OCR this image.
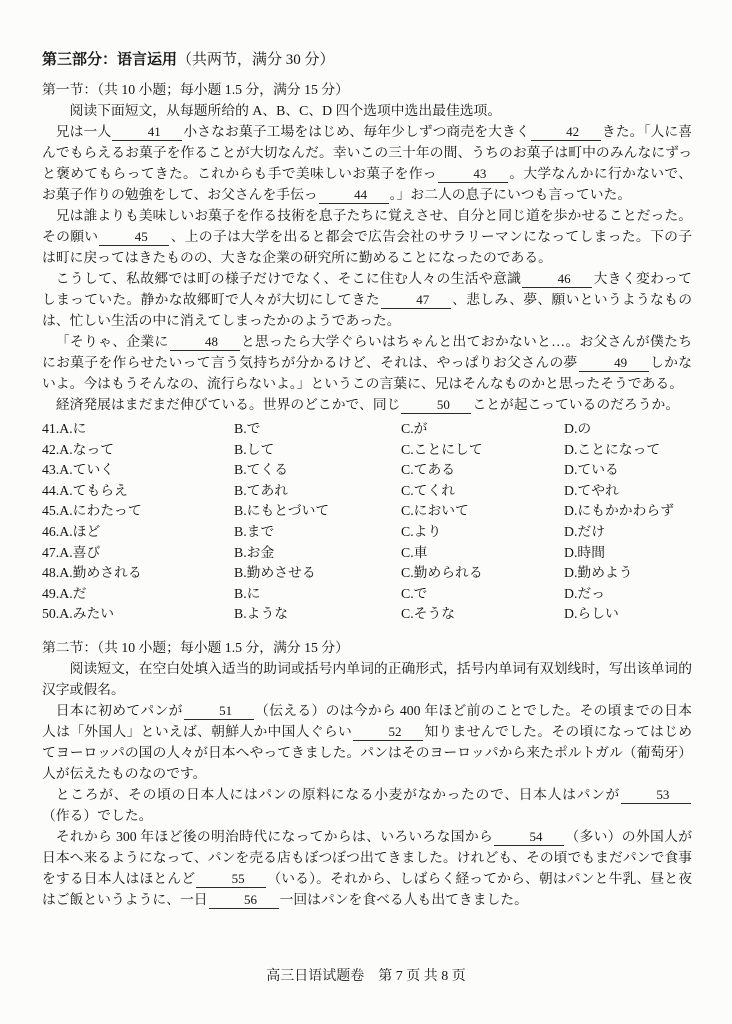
第三部分：语言运用（共两节，满分 30 分）
第一节：（共 10 小题；每小题 1.5 分，满分 15 分）
阅读下面短文，从每题所给的 A、B、C、D 四个选项中选出最佳选项。

兄は一人	41 小さなお菓子工場をはじめ、毎年少しずつ商売を大きく	42 きた。「人に喜んでもらえるお菓子を作ることが大切なんだ。幸いこの三十年の間、うちのお菓子は町中のみんなにずっと褒めてもらってきた。これからも手で美味しいお菓子を作っ	43 。大学なんかに行かないで、お菓子作りの勉強をして、お父さんを手伝っ	44 。」お二人の息子にいつも言っていた。

兄は誰よりも美味しいお菓子を作る技術を息子たちに覚えさせ、自分と同じ道を歩かせることだった。その願い	45 、上の子は大学を出ると都会で広告会社のサラリーマンになってしまった。下の子は町に戻ってはきたものの、大きな企業の研究所に勤めることになったのである。

こうして、私故郷では町の様子だけでなく、そこに住む人々の生活や意識	46 大きく変わってしまっていた。静かな故郷町で人々が大切にしてきた	47 、悲しみ、夢、願いというようなものは、忙しい生活の中に消えてしまったかのようであった。

「そりゃ、企業に	48 と思ったら大学ぐらいはちゃんと出ておかないと…。お父さんが僕たちにお菓子を作らせたいって言う気持ちが分かるけど、それは、やっぱりお父さんの夢	49 しかないよ。今はもうそんなの、流行らないよ。」というこの言葉に、兄はそんなものかと思ったそうである。

経済発展はまだまだ伸びている。世界のどこかで、同じ	50 ことが起こっているのだろうか。

41.A.に	B.で	C.が	D.の
42.A.なって	B.して	C.ことにして	D.ことになって
43.A.ていく	B.てくる	C.てある	D.ている
44.A.てもらえ	B.てあれ	C.てくれ	D.てやれ
45.A.にわたって	B.にもとづいて	C.において	D.にもかかわらず
46.A.ほど	B.まで	C.より	D.だけ
47.A.喜び	B.お金	C.車	D.時間
48.A.勤めされる	B.勤めさせる	C.勤められる	D.勤めよう
49.A.だ	B.に	C.で	D.だっ
50.A.みたい	B.ような	C.そうな	D.らしい
第二节：（共 10 小题；每小题 1.5 分，满分 15 分）
阅读短文，在空白处填入适当的助词或括号内单词的正确形式，括号内单词有双划线时，写出该单词的汉字或假名。

日本に初めてパンが	51 （伝える）のは今から 400 年ほど前のことでした。その頃までの日本人は「外国人」といえば、朝鮮人か中国人ぐらい	52 知りませんでした。その頃になってはじめてヨーロッパの国の人々が日本へやってきました。パンはそのヨーロッパから来たポルトガル（葡萄牙）人が伝えたものなのです。

ところが、その頃の日本人にはパンの原料になる小麦がなかったので、日本人はパンが	53（作る）でした。

それから 300 年ほど後の明治時代になってからは、いろいろな国から	54 （多い）の外国人が日本へ来るようになって、パンを売る店もぼつぼつ出てきました。けれども、その頃でもまだパンで食事をする日本人はほとんど	55 （いる）。それから、しばらく経ってから、朝はパンと牛乳、昼と夜はご飯というように、一日	56 一回はパンを食べる人も出てきました。

高三日语试题卷　第 7 页 共 8 页
